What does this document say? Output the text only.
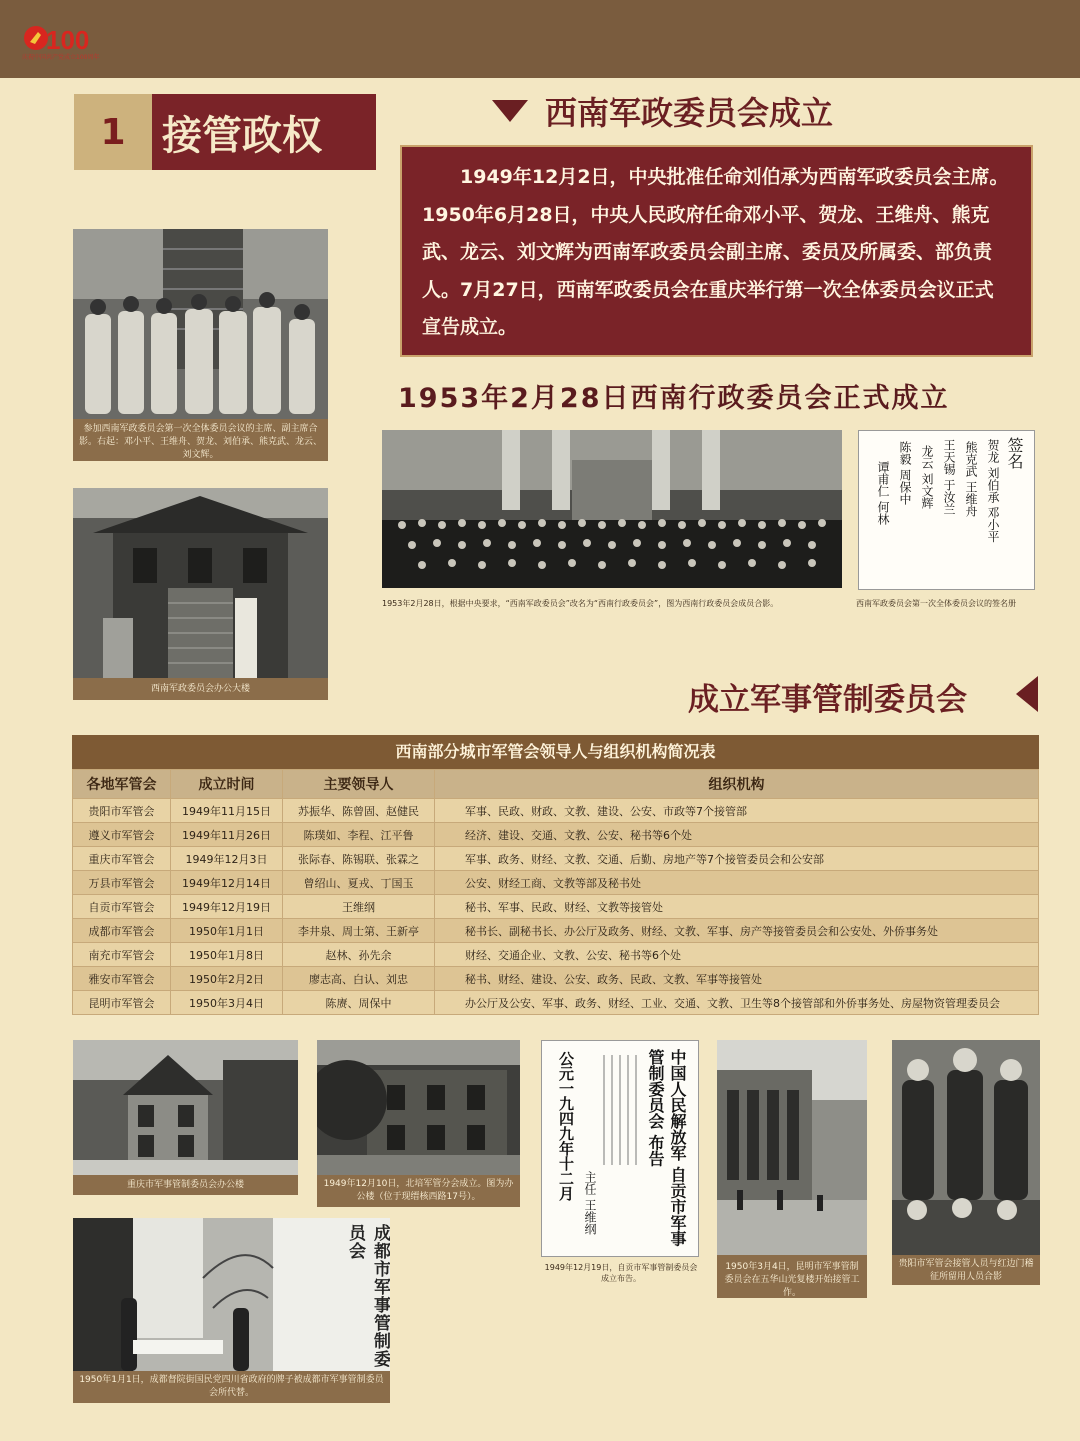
100
庆祝中国共产党成立100周年
1 接管政权	西南军政委员会成立
1949年12月2日，中央批准任命刘伯承为西南军政委员会主席。1950年6月28日，中央人民政府任命邓小平、贺龙、王维舟、熊克武、龙云、刘文辉为西南军政委员会副主席、委员及所属委、部负责人。7月27日，西南军政委员会在重庆举行第一次全体委员会议正式宣告成立。
1953年2月28日西南行政委员会正式成立
参加西南军政委员会第一次全体委员会议的主席、副主席合影。右起：邓小平、王维舟、贺龙、刘伯承、熊克武、龙云、刘文辉。
西南军政委员会办公大楼
1953年2月28日，根据中央要求，“西南军政委员会”改名为“西南行政委员会”，图为西南行政委员会成员合影。
签名
贺龙 刘伯承 邓小平
熊克武 王维舟
王天锡 于汝兰
龙云 刘文辉
陈毅 周保中
谭甫仁 何林
西南军政委员会第一次全体委员会议的签名册
成立军事管制委员会
西南部分城市军管会领导人与组织机构简况表
各地军管会	成立时间	主要领导人	组织机构
贵阳市军管会	1949年11月15日	苏振华、陈曾固、赵健民	军事、民政、财政、文教、建设、公安、市政等7个接管部
遵义市军管会	1949年11月26日	陈璞如、李程、江平鲁	经济、建设、交通、文教、公安、秘书等6个处
重庆市军管会	1949年12月3日	张际春、陈锡联、张霖之	军事、政务、财经、文教、交通、后勤、房地产等7个接管委员会和公安部
万县市军管会	1949年12月14日	曾绍山、夏戎、丁国玉	公安、财经工商、文教等部及秘书处
自贡市军管会	1949年12月19日	王维纲	秘书、军事、民政、财经、文教等接管处
成都市军管会	1950年1月1日	李井泉、周士第、王新亭	秘书长、副秘书长、办公厅及政务、财经、文教、军事、房产等接管委员会和公安处、外侨事务处
南充市军管会	1950年1月8日	赵林、孙先余	财经、交通企业、文教、公安、秘书等6个处
雅安市军管会	1950年2月2日	廖志高、白认、刘忠	秘书、财经、建设、公安、政务、民政、文教、军事等接管处
昆明市军管会	1950年3月4日	陈赓、周保中	办公厅及公安、军事、政务、财经、工业、交通、文教、卫生等8个接管部和外侨事务处、房屋物资管理委员会
重庆市军事管制委员会办公楼	1949年12月10日，北培军管分会成立。图为办公楼（位于现缙核西路17号）。	中国人民解放军 自贡市军事管制委员会 布告
公元一九四九年十二月
主任 王维纲
1949年12月19日，自贡市军事管制委员会成立布告。
1950年3月4日，昆明市军事管制委员会在五华山光复楼开始接管工作。
贵阳市军管会接管人员与红边门稽征所留用人员合影
成都市军事管制委员会
1950年1月1日，成都督院街国民党四川省政府的牌子被成都市军事管制委员会所代替。
